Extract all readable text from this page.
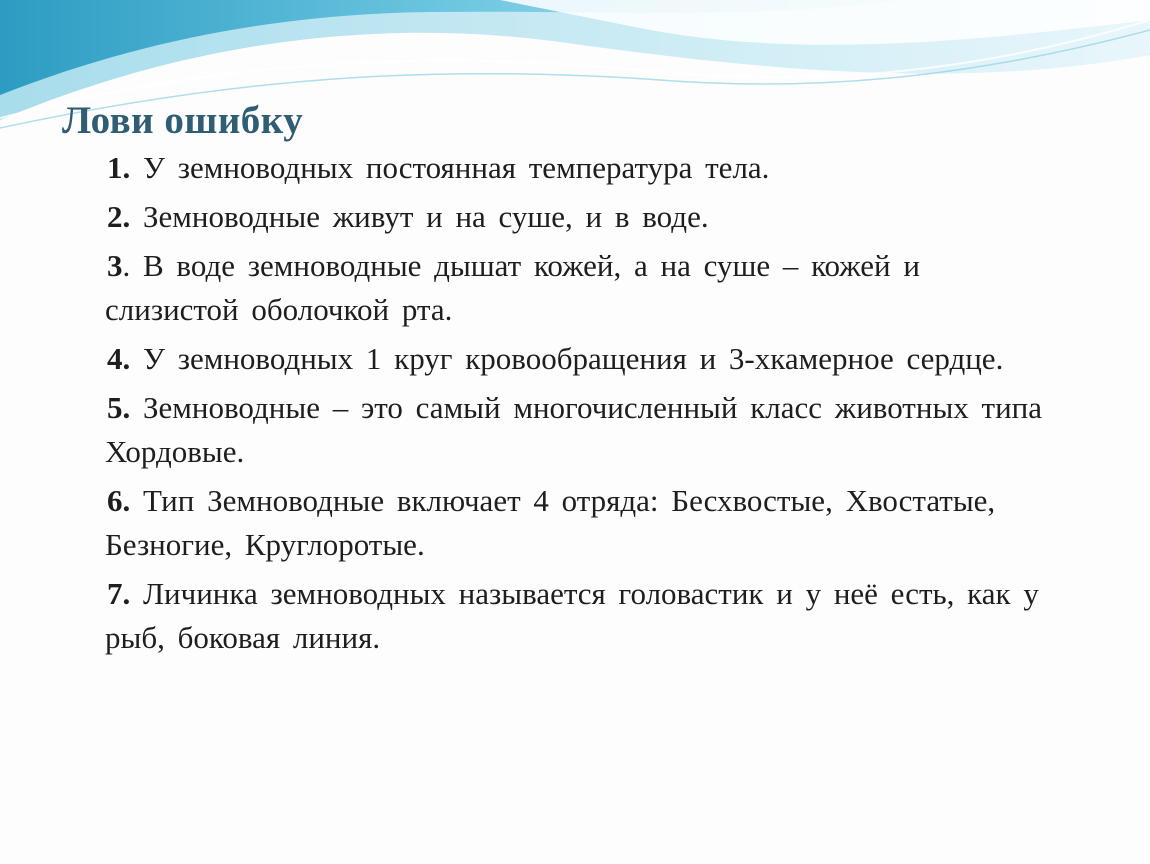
Лови ошибку
1. У земноводных постоянная температура тела.
2. Земноводные живут и на суше, и в воде.
3. В воде земноводные дышат кожей, а на суше – кожей и слизистой оболочкой рта.
4. У земноводных 1 круг кровообращения и 3-хкамерное сердце.
5. Земноводные – это самый многочисленный класс животных типа Хордовые.
6. Тип Земноводные включает 4 отряда: Бесхвостые, Хвостатые, Безногие, Круглоротые.
7. Личинка земноводных называется головастик и у неё есть, как у рыб, боковая линия.
